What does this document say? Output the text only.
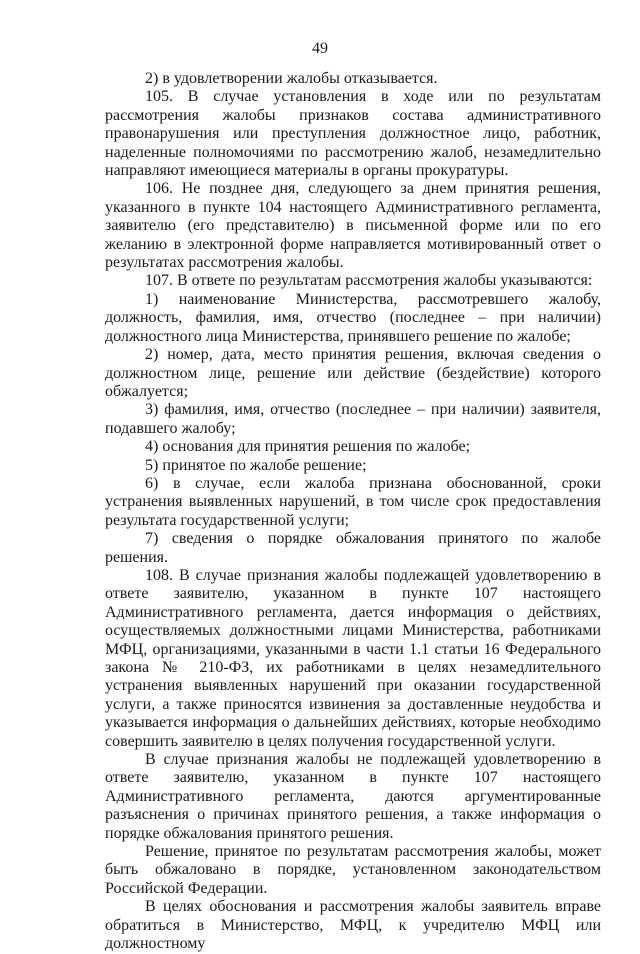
49

2) в удовлетворении жалобы отказывается.

105. В случае установления в ходе или по результатам рассмотрения жалобы признаков состава административного правонарушения или преступления должностное лицо, работник, наделенные полномочиями по рассмотрению жалоб, незамедлительно направляют имеющиеся материалы в органы прокуратуры.

106. Не позднее дня, следующего за днем принятия решения, указанного в пункте 104 настоящего Административного регламента, заявителю (его представителю) в письменной форме или по его желанию в электронной форме направляется мотивированный ответ о результатах рассмотрения жалобы.

107. В ответе по результатам рассмотрения жалобы указываются:

1) наименование Министерства, рассмотревшего жалобу, должность, фамилия, имя, отчество (последнее – при наличии) должностного лица Министерства, принявшего решение по жалобе;

2) номер, дата, место принятия решения, включая сведения о должностном лице, решение или действие (бездействие) которого обжалуется;

3) фамилия, имя, отчество (последнее – при наличии) заявителя, подавшего жалобу;

4) основания для принятия решения по жалобе;

5) принятое по жалобе решение;

6) в случае, если жалоба признана обоснованной, сроки устранения выявленных нарушений, в том числе срок предоставления результата государственной услуги;

7) сведения о порядке обжалования принятого по жалобе решения.

108. В случае признания жалобы подлежащей удовлетворению в ответе заявителю, указанном в пункте 107 настоящего Административного регламента, дается информация о действиях, осуществляемых должностными лицами Министерства, работниками МФЦ, организациями, указанными в части 1.1 статьи 16 Федерального закона № 210-ФЗ, их работниками в целях незамедлительного устранения выявленных нарушений при оказании государственной услуги, а также приносятся извинения за доставленные неудобства и указывается информация о дальнейших действиях, которые необходимо совершить заявителю в целях получения государственной услуги.

В случае признания жалобы не подлежащей удовлетворению в ответе заявителю, указанном в пункте 107 настоящего Административного регламента, даются аргументированные разъяснения о причинах принятого решения, а также информация о порядке обжалования принятого решения.

Решение, принятое по результатам рассмотрения жалобы, может быть обжаловано в порядке, установленном законодательством Российской Федерации.

В целях обоснования и рассмотрения жалобы заявитель вправе обратиться в Министерство, МФЦ, к учредителю МФЦ или должностному
